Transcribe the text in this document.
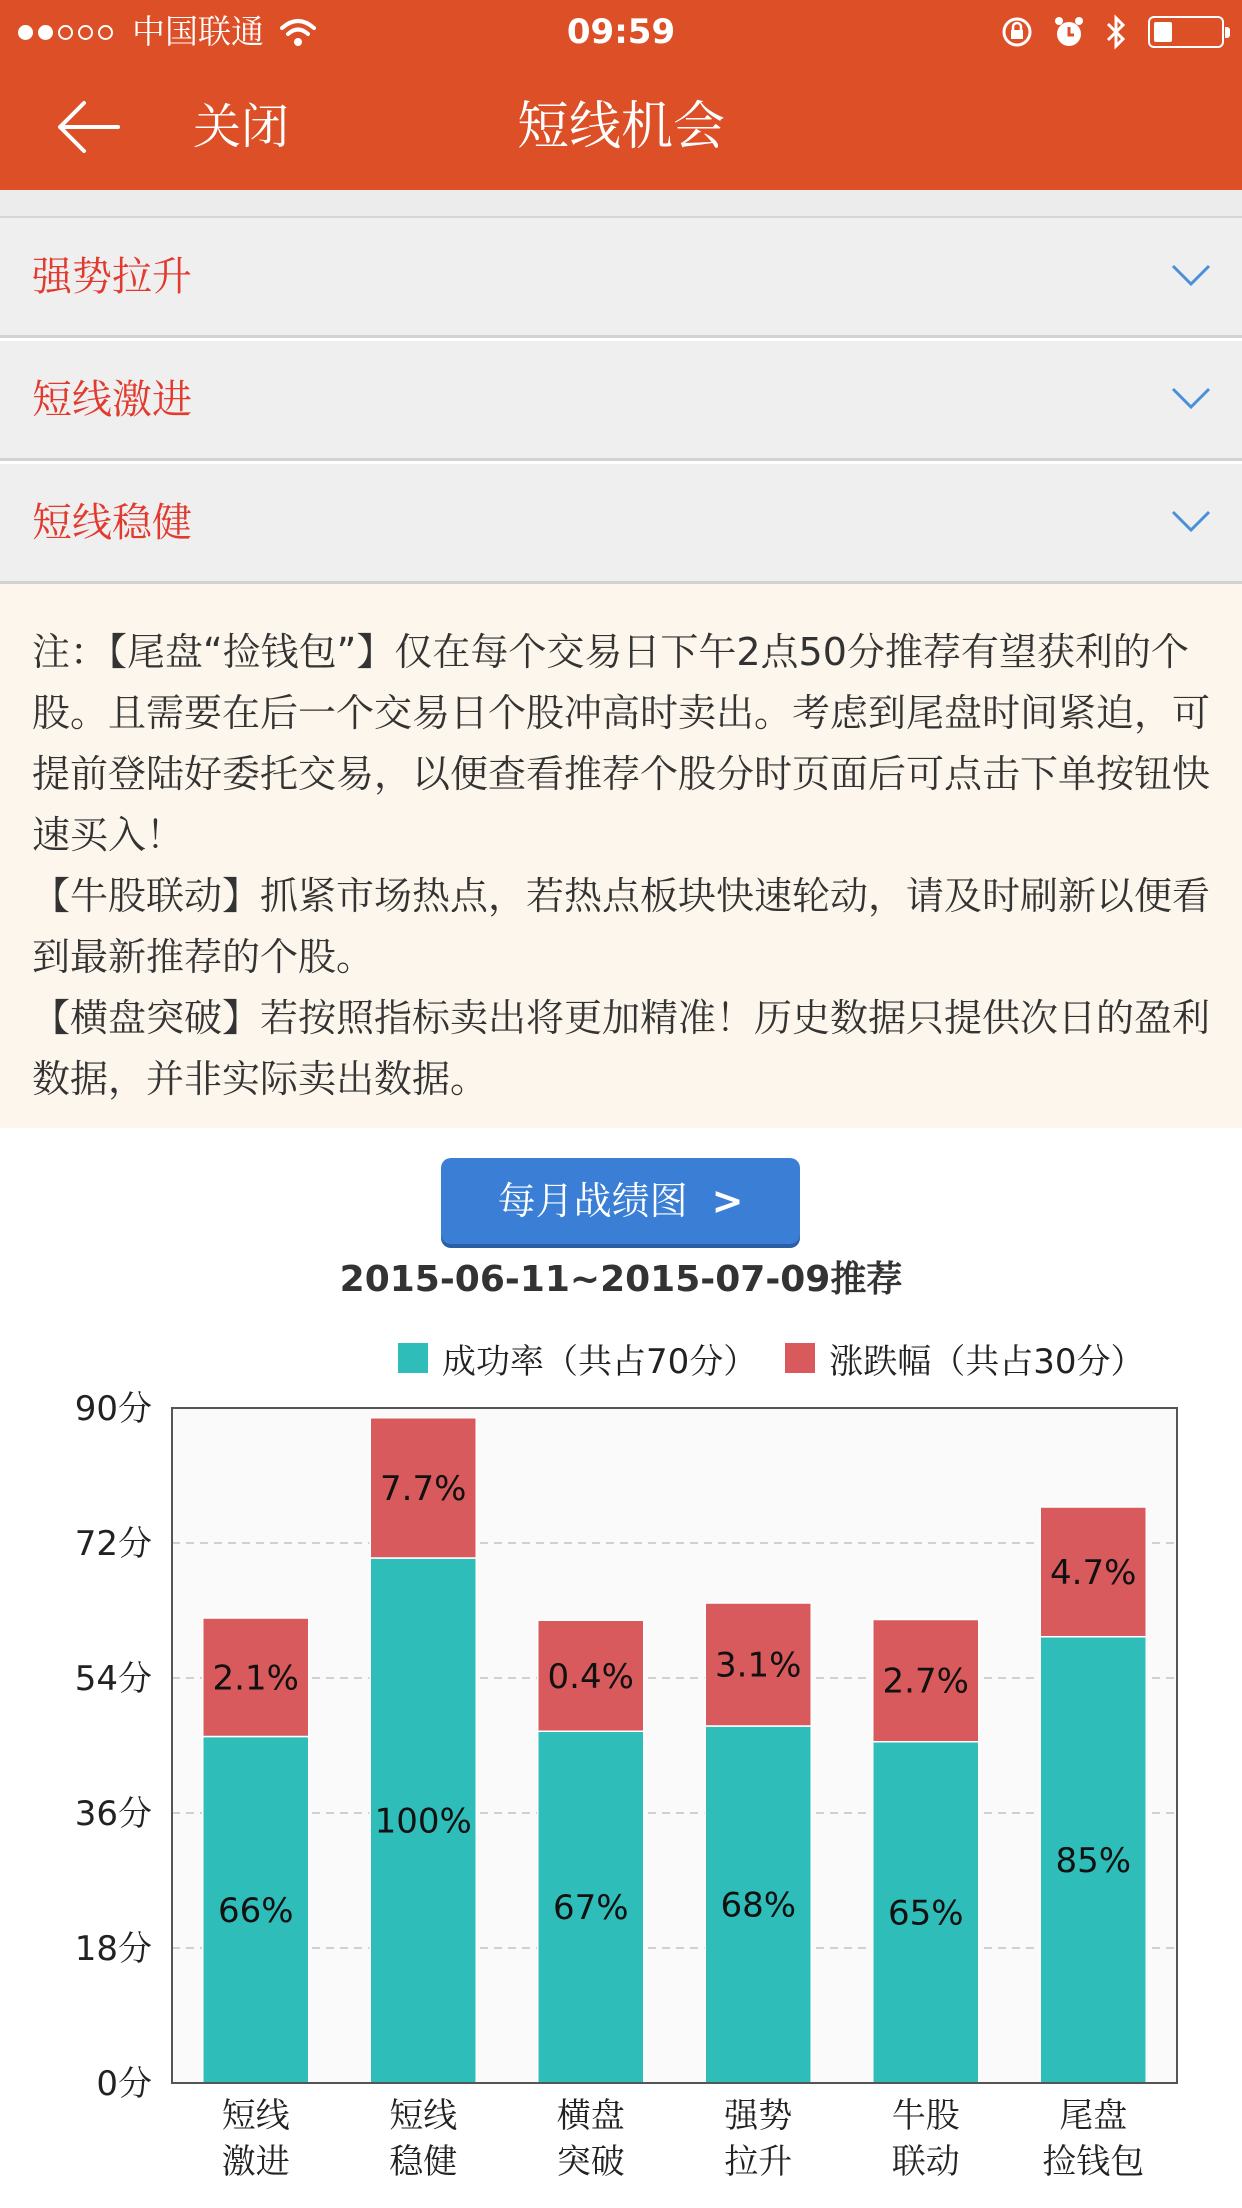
中国联通	09:59
关闭	短线机会
强势拉升
短线激进
短线稳健

注：【尾盘“捡钱包”】仅在每个交易日下午2点50分推荐有望获利的个股。且需要在后一个交易日个股冲高时卖出。考虑到尾盘时间紧迫，可提前登陆好委托交易，以便查看推荐个股分时页面后可点击下单按钮快速买入！

【牛股联动】抓紧市场热点，若热点板块快速轮动，请及时刷新以便看到最新推荐的个股。

【横盘突破】若按照指标卖出将更加精准！历史数据只提供次日的盈利数据，并非实际卖出数据。

每月战绩图 >
2015-06-11~2015-07-09推荐
成功率（共占70分） 涨跌幅（共占30分）
0分
18分
36分
54分
72分
90分
66%
2.1%
短线
激进
100%
7.7%
短线
稳健
67%
0.4%
横盘
突破
68%
3.1%
强势
拉升
65%
2.7%
牛股
联动
85%
4.7%
尾盘
捡钱包
